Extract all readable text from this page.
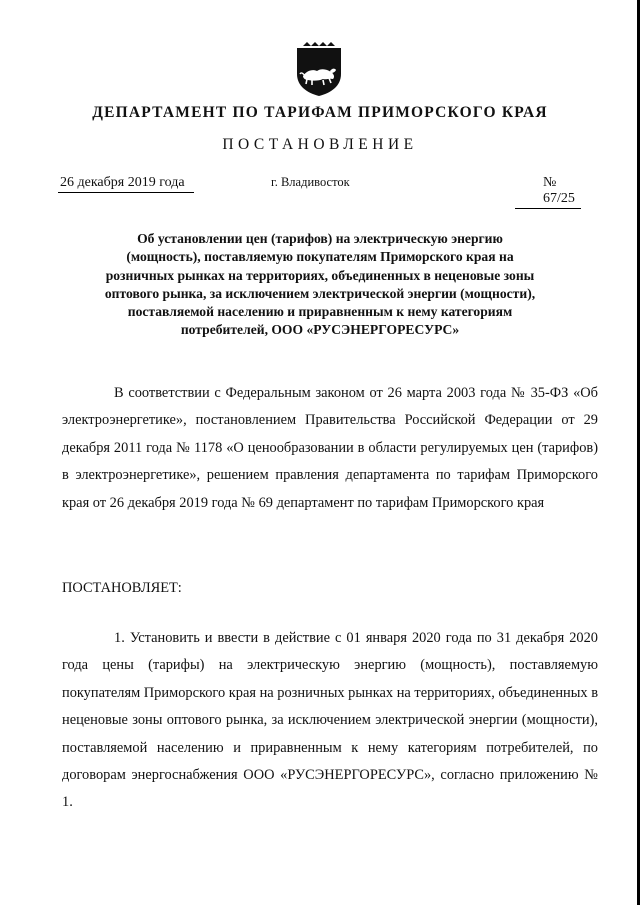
ДЕПАРТАМЕНТ ПО ТАРИФАМ ПРИМОРСКОГО КРАЯ
ПОСТАНОВЛЕНИЕ
26 декабря 2019 года	г. Владивосток	№ 67/25
Об установлении цен (тарифов) на электрическую энергию (мощность), поставляемую покупателям Приморского края на розничных рынках на территориях, объединенных в неценовые зоны оптового рынка, за исключением электрической энергии (мощности), поставляемой населению и приравненным к нему категориям потребителей, ООО «РУСЭНЕРГОРЕСУРС»
В соответствии с Федеральным законом от 26 марта 2003 года № 35-ФЗ «Об электроэнергетике», постановлением Правительства Российской Федерации от 29 декабря 2011 года № 1178 «О ценообразовании в области регулируемых цен (тарифов) в электроэнергетике», решением правления департамента по тарифам Приморского края от 26 декабря 2019 года № 69 департамент по тарифам Приморского края
ПОСТАНОВЛЯЕТ:
1. Установить и ввести в действие с 01 января 2020 года по 31 декабря 2020 года цены (тарифы) на электрическую энергию (мощность), поставляемую покупателям Приморского края на розничных рынках на территориях, объединенных в неценовые зоны оптового рынка, за исключением электрической энергии (мощности), поставляемой населению и приравненным к нему категориям потребителей, по договорам энергоснабжения ООО «РУСЭНЕРГОРЕСУРС», согласно приложению № 1.
